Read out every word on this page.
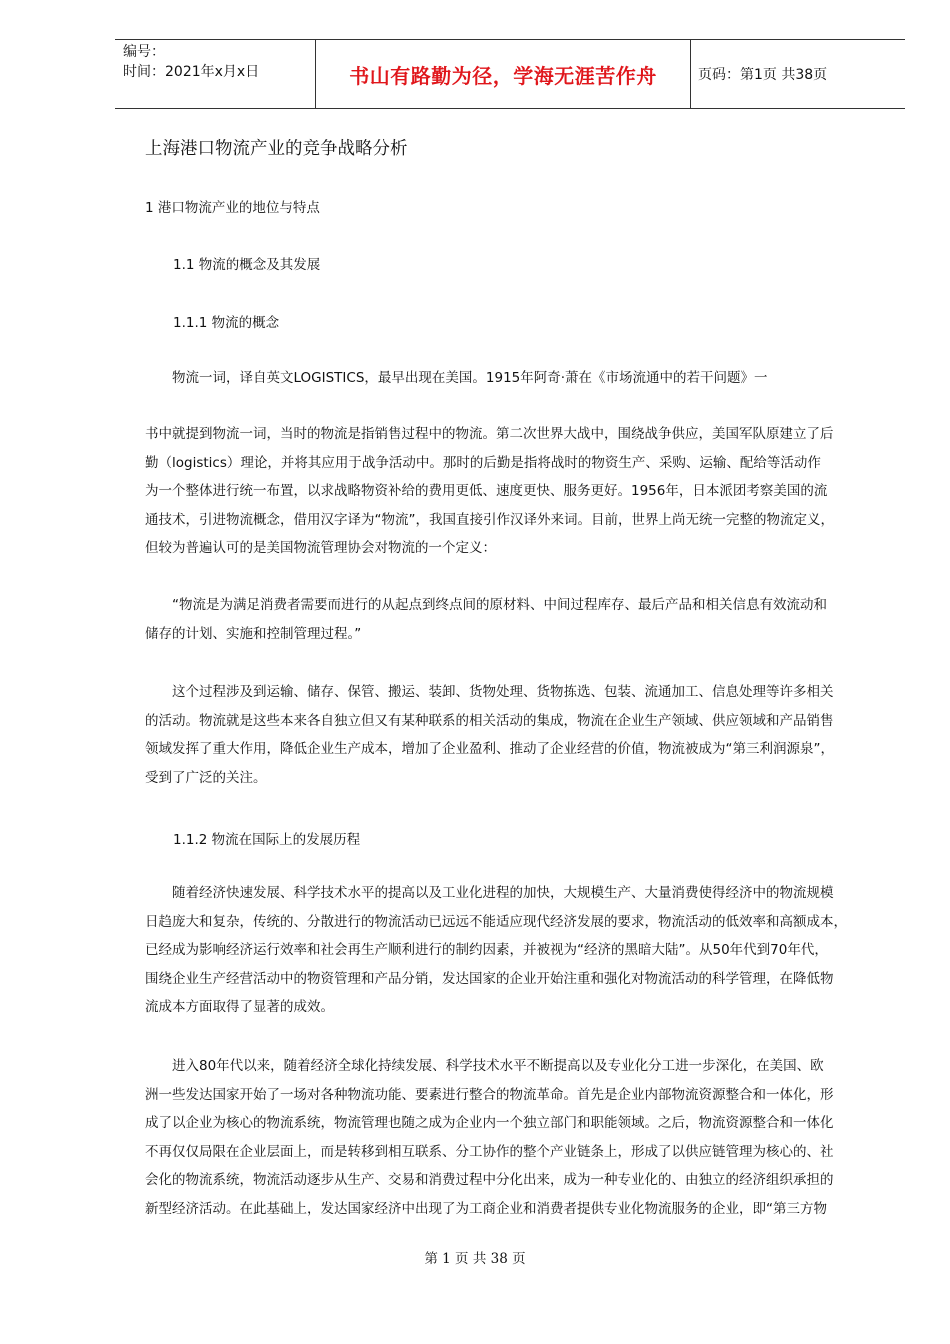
编号：
时间：2021年x月x日	书山有路勤为径，学海无涯苦作舟	页码：第1页 共38页
上海港口物流产业的竞争战略分析
1 港口物流产业的地位与特点
1.1 物流的概念及其发展
1.1.1 物流的概念
　　物流一词，译自英文LOGISTICS，最早出现在美国。1915年阿奇·萧在《市场流通中的若干问题》一
书中就提到物流一词，当时的物流是指销售过程中的物流。第二次世界大战中，围绕战争供应，美国军队原建立了后
勤（logistics）理论，并将其应用于战争活动中。那时的后勤是指将战时的物资生产、采购、运输、配给等活动作
为一个整体进行统一布置，以求战略物资补给的费用更低、速度更快、服务更好。1956年，日本派团考察美国的流
通技术，引进物流概念，借用汉字译为“物流”，我国直接引作汉译外来词。目前，世界上尚无统一完整的物流定义，
但较为普遍认可的是美国物流管理协会对物流的一个定义：
　　“物流是为满足消费者需要而进行的从起点到终点间的原材料、中间过程库存、最后产品和相关信息有效流动和
储存的计划、实施和控制管理过程。”
　　这个过程涉及到运输、储存、保管、搬运、装卸、货物处理、货物拣选、包装、流通加工、信息处理等许多相关
的活动。物流就是这些本来各自独立但又有某种联系的相关活动的集成，物流在企业生产领域、供应领域和产品销售
领域发挥了重大作用，降低企业生产成本，增加了企业盈利、推动了企业经营的价值，物流被成为“第三利润源泉”，
受到了广泛的关注。
1.1.2 物流在国际上的发展历程
　　随着经济快速发展、科学技术水平的提高以及工业化进程的加快，大规模生产、大量消费使得经济中的物流规模
日趋庞大和复杂，传统的、分散进行的物流活动已远远不能适应现代经济发展的要求，物流活动的低效率和高额成本，
已经成为影响经济运行效率和社会再生产顺利进行的制约因素，并被视为“经济的黑暗大陆”。从50年代到70年代，
围绕企业生产经营活动中的物资管理和产品分销，发达国家的企业开始注重和强化对物流活动的科学管理，在降低物
流成本方面取得了显著的成效。
　　进入80年代以来，随着经济全球化持续发展、科学技术水平不断提高以及专业化分工进一步深化，在美国、欧
洲一些发达国家开始了一场对各种物流功能、要素进行整合的物流革命。首先是企业内部物流资源整合和一体化，形
成了以企业为核心的物流系统，物流管理也随之成为企业内一个独立部门和职能领域。之后，物流资源整合和一体化
不再仅仅局限在企业层面上，而是转移到相互联系、分工协作的整个产业链条上，形成了以供应链管理为核心的、社
会化的物流系统，物流活动逐步从生产、交易和消费过程中分化出来，成为一种专业化的、由独立的经济组织承担的
新型经济活动。在此基础上，发达国家经济中出现了为工商企业和消费者提供专业化物流服务的企业，即“第三方物
第 1 页 共 38 页
